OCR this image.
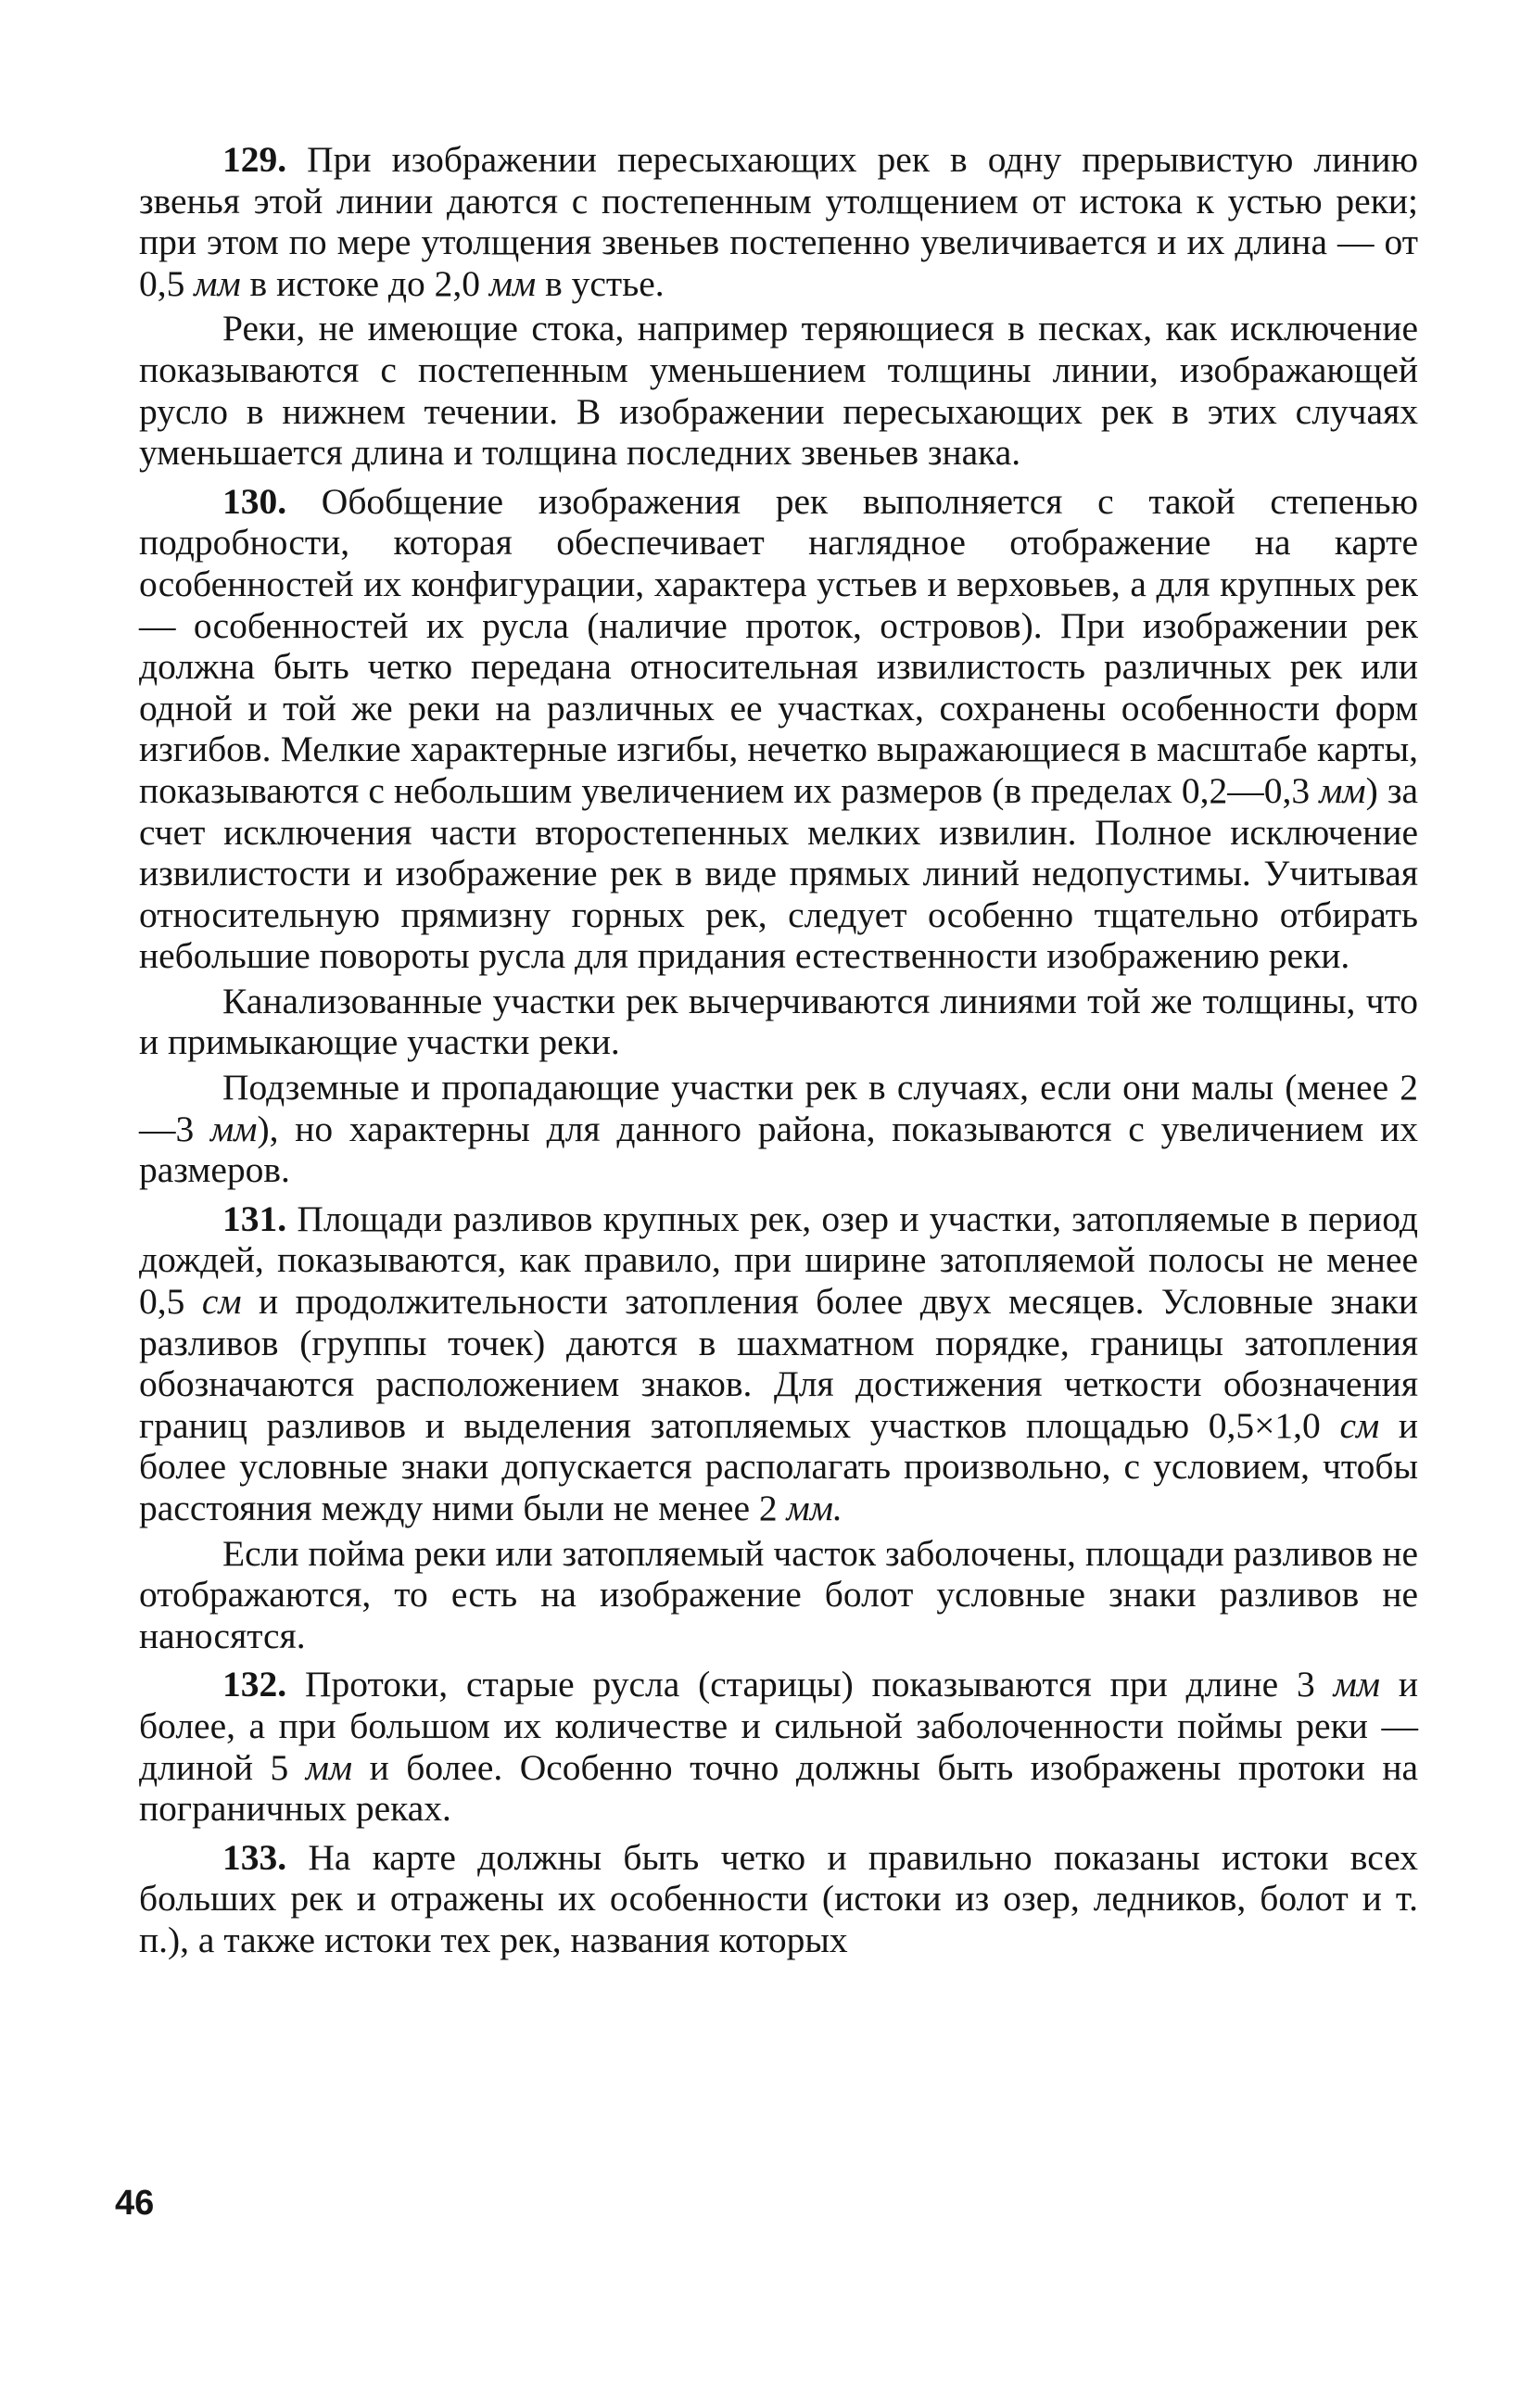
129. При изображении пересыхающих рек в одну прерывистую линию звенья этой линии даются с постепенным утолщением от истока к устью реки; при этом по мере утолщения звеньев постепенно увеличивается и их длина — от 0,5 мм в истоке до 2,0 мм в устье.

Реки, не имеющие стока, например теряющиеся в песках, как исключение показываются с постепенным уменьшением толщины линии, изображающей русло в нижнем течении. В изображении пересыхающих рек в этих случаях уменьшается длина и толщина последних звеньев знака.

130. Обобщение изображения рек выполняется с такой степенью подробности, которая обеспечивает наглядное отображение на карте особенностей их конфигурации, характера устьев и верховьев, а для крупных рек — особенностей их русла (наличие проток, островов). При изображении рек должна быть четко передана относительная извилистость различных рек или одной и той же реки на различных ее участках, сохранены особенности форм изгибов. Мелкие характерные изгибы, нечетко выражающиеся в масштабе карты, показываются с небольшим увеличением их размеров (в пределах 0,2—0,3 мм) за счет исключения части второстепенных мелких извилин. Полное исключение извилистости и изображение рек в виде прямых линий недопустимы. Учитывая относительную прямизну горных рек, следует особенно тщательно отбирать небольшие повороты русла для придания естественности изображению реки.

Канализованные участки рек вычерчиваются линиями той же толщины, что и примыкающие участки реки.

Подземные и пропадающие участки рек в случаях, если они малы (менее 2—3 мм), но характерны для данного района, показываются с увеличением их размеров.

131. Площади разливов крупных рек, озер и участки, затопляемые в период дождей, показываются, как правило, при ширине затопляемой полосы не менее 0,5 см и продолжительности затопления более двух месяцев. Условные знаки разливов (группы точек) даются в шахматном порядке, границы затопления обозначаются расположением знаков. Для достижения четкости обозначения границ разливов и выделения затопляемых участков площадью 0,5×1,0 см и более условные знаки допускается располагать произвольно, с условием, чтобы расстояния между ними были не менее 2 мм.

Если пойма реки или затопляемый часток заболочены, площади разливов не отображаются, то есть на изображение болот условные знаки разливов не наносятся.

132. Протоки, старые русла (старицы) показываются при длине 3 мм и более, а при большом их количестве и сильной заболоченности поймы реки — длиной 5 мм и более. Особенно точно должны быть изображены протоки на пограничных реках.

133. На карте должны быть четко и правильно показаны истоки всех больших рек и отражены их особенности (истоки из озер, ледников, болот и т. п.), а также истоки тех рек, названия которых

46
